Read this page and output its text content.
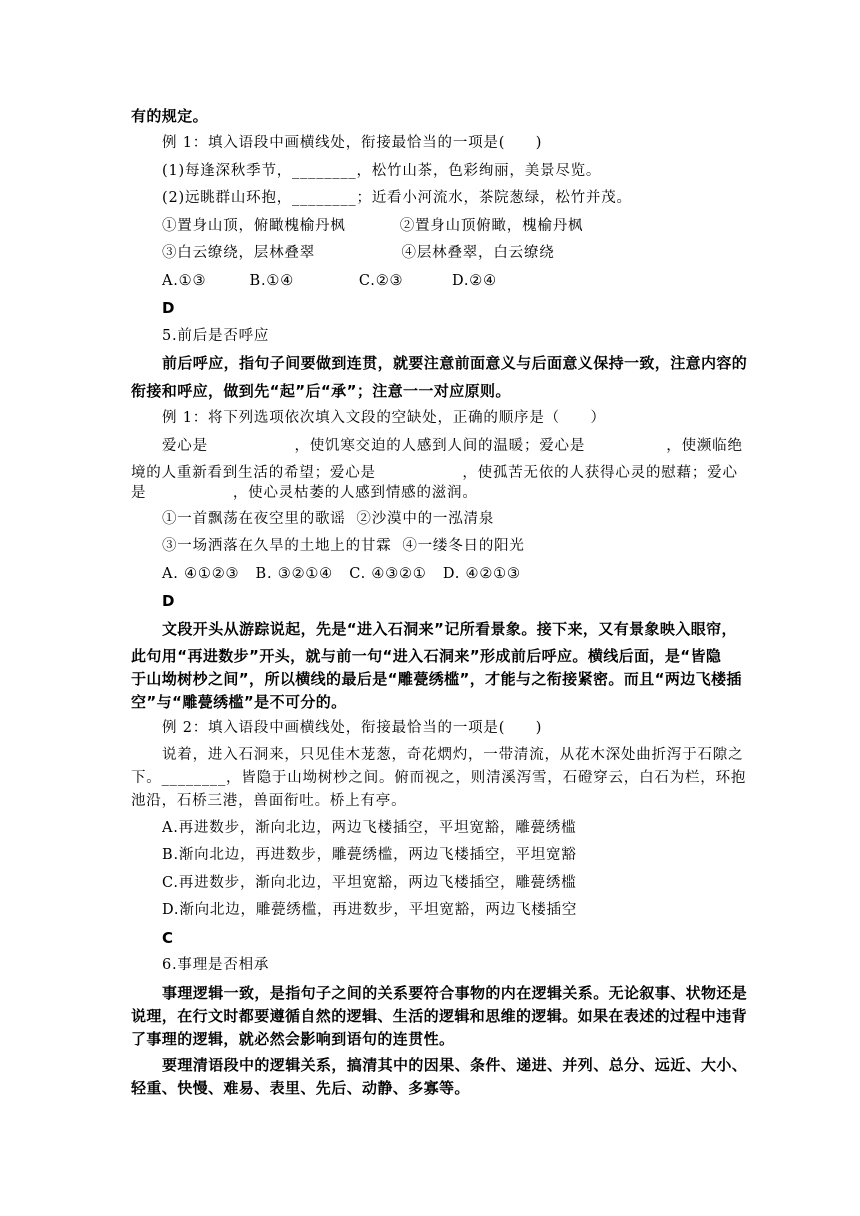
有的规定。
例 1：填入语段中画横线处，衔接最恰当的一项是(　　)
(1)每逢深秋季节，________，松竹山茶，色彩绚丽，美景尽览。
(2)远眺群山环抱，________；近看小河流水，茶院葱绿，松竹并茂。
①置身山顶，俯瞰槐榆丹枫          ②置身山顶俯瞰，槐榆丹枫
③白云缭绕，层林叠翠                ④层林叠翠，白云缭绕
A.①③        B.①④            C.②③         D.②④
D
5.前后是否呼应
前后呼应，指句子间要做到连贯，就要注意前面意义与后面意义保持一致，注意内容的
衔接和呼应，做到先“起”后“承”；注意一一对应原则。
例 1：将下列选项依次填入文段的空缺处，正确的顺序是（　　）
爱心是                ，使饥寒交迫的人感到人间的温暖；爱心是               ，使濒临绝
境的人重新看到生活的希望；爱心是                ，使孤苦无依的人获得心灵的慰藉；爱心
是                ，使心灵枯萎的人感到情感的滋润。
①一首飘荡在夜空里的歌谣  ②沙漠中的一泓清泉
③一场洒落在久旱的土地上的甘霖  ④一缕冬日的阳光
A. ④①②③   B. ③②①④   C. ④③②①   D. ④②①③
D
文段开头从游踪说起，先是“进入石洞来”记所看景象。接下来，又有景象映入眼帘，
此句用“再进数步”开头，就与前一句“进入石洞来”形成前后呼应。横线后面，是“皆隐
于山坳树杪之间”，所以横线的最后是“雕甍绣槛”，才能与之衔接紧密。而且“两边飞楼插
空”与“雕甍绣槛”是不可分的。
例 2：填入语段中画横线处，衔接最恰当的一项是(　　)
说着，进入石洞来，只见佳木茏葱，奇花熌灼，一带清流，从花木深处曲折泻于石隙之
下。________，皆隐于山坳树杪之间。俯而视之，则清溪泻雪，石磴穿云，白石为栏，环抱
池沿，石桥三港，兽面衔吐。桥上有亭。
A.再进数步，渐向北边，两边飞楼插空，平坦宽豁，雕甍绣槛
B.渐向北边，再进数步，雕甍绣槛，两边飞楼插空，平坦宽豁
C.再进数步，渐向北边，平坦宽豁，两边飞楼插空，雕甍绣槛
D.渐向北边，雕甍绣槛，再进数步，平坦宽豁，两边飞楼插空
C
6.事理是否相承
事理逻辑一致，是指句子之间的关系要符合事物的内在逻辑关系。无论叙事、状物还是
说理，在行文时都要遵循自然的逻辑、生活的逻辑和思维的逻辑。如果在表述的过程中违背
了事理的逻辑，就必然会影响到语句的连贯性。
要理清语段中的逻辑关系，搞清其中的因果、条件、递进、并列、总分、远近、大小、
轻重、快慢、难易、表里、先后、动静、多寡等。
